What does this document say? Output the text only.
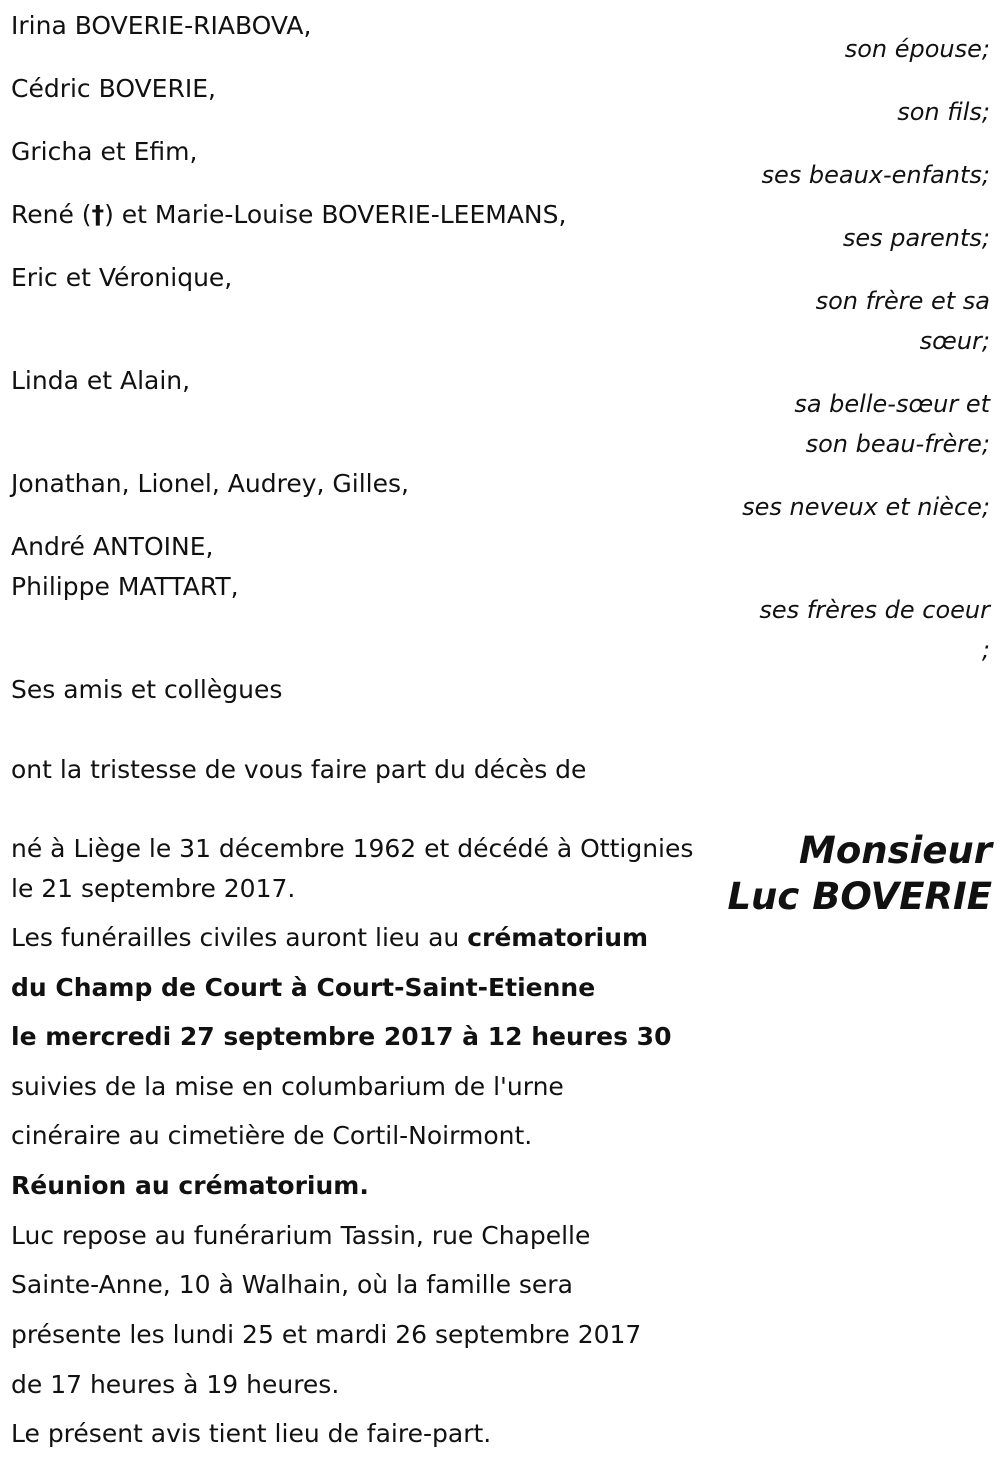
Irina BOVERIE-RIABOVA,
Cédric BOVERIE,
Gricha et Efim,
René (†) et Marie-Louise BOVERIE-LEEMANS,
Eric et Véronique,
Linda et Alain,
Jonathan, Lionel, Audrey, Gilles,
André ANTOINE,
Philippe MATTART,
son épouse;
son fils;
ses beaux-enfants;
ses parents;
son frère et sa
sœur;
sa belle-sœur et
son beau-frère;
ses neveux et nièce;
ses frères de coeur
;
Ses amis et collègues
ont la tristesse de vous faire part du décès de
Monsieur
Luc BOVERIE
né à Liège le 31 décembre 1962 et décédé à Ottignies
le 21 septembre 2017.
Les funérailles civiles auront lieu au crématorium
du Champ de Court à Court-Saint-Etienne
le mercredi 27 septembre 2017 à 12 heures 30
suivies de la mise en columbarium de l'urne
cinéraire au cimetière de Cortil-Noirmont.
Réunion au crématorium.
Luc repose au funérarium Tassin, rue Chapelle
Sainte-Anne, 10 à Walhain, où la famille sera
présente les lundi 25 et mardi 26 septembre 2017
de 17 heures à 19 heures.
Le présent avis tient lieu de faire-part.
